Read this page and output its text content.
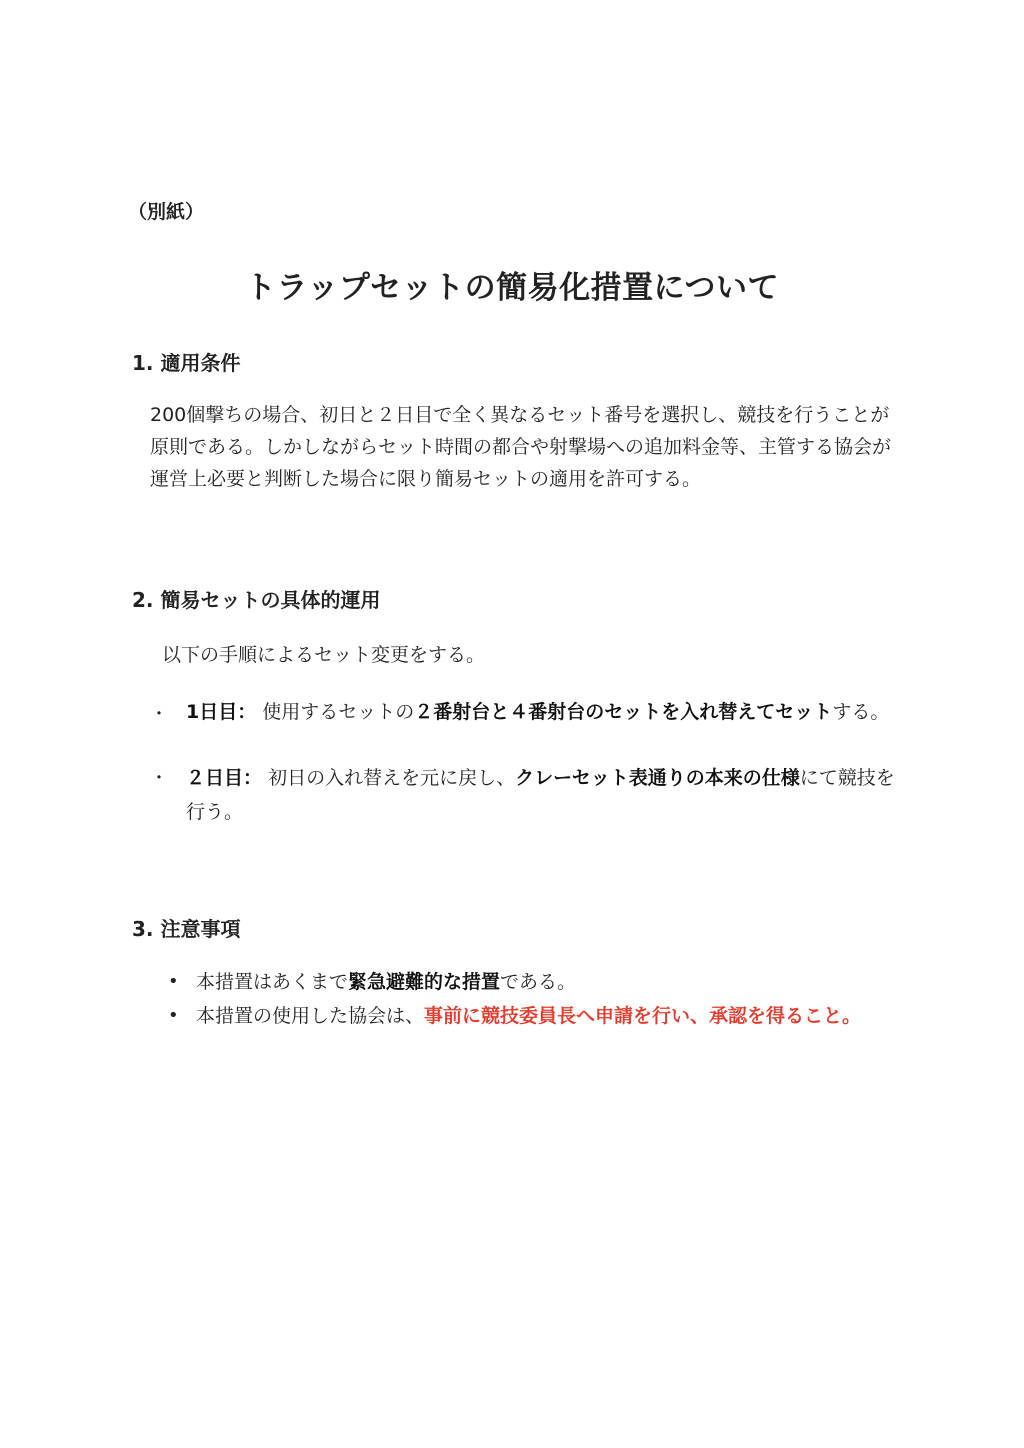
（別紙）
トラップセットの簡易化措置について
1. 適用条件
200個撃ちの場合、初日と２日目で全く異なるセット番号を選択し、競技を行うことが
原則である。しかしながらセット時間の都合や射撃場への追加料金等、主管する協会が
運営上必要と判断した場合に限り簡易セットの適用を許可する。
2. 簡易セットの具体的運用
以下の手順によるセット変更をする。
・ 1日目： 使用するセットの２番射台と４番射台のセットを入れ替えてセットする。
・ ２日目： 初日の入れ替えを元に戻し、クレーセット表通りの本来の仕様にて競技を
行う。
3. 注意事項
• 本措置はあくまで緊急避難的な措置である。
• 本措置の使用した協会は、事前に競技委員長へ申請を行い、承認を得ること。
